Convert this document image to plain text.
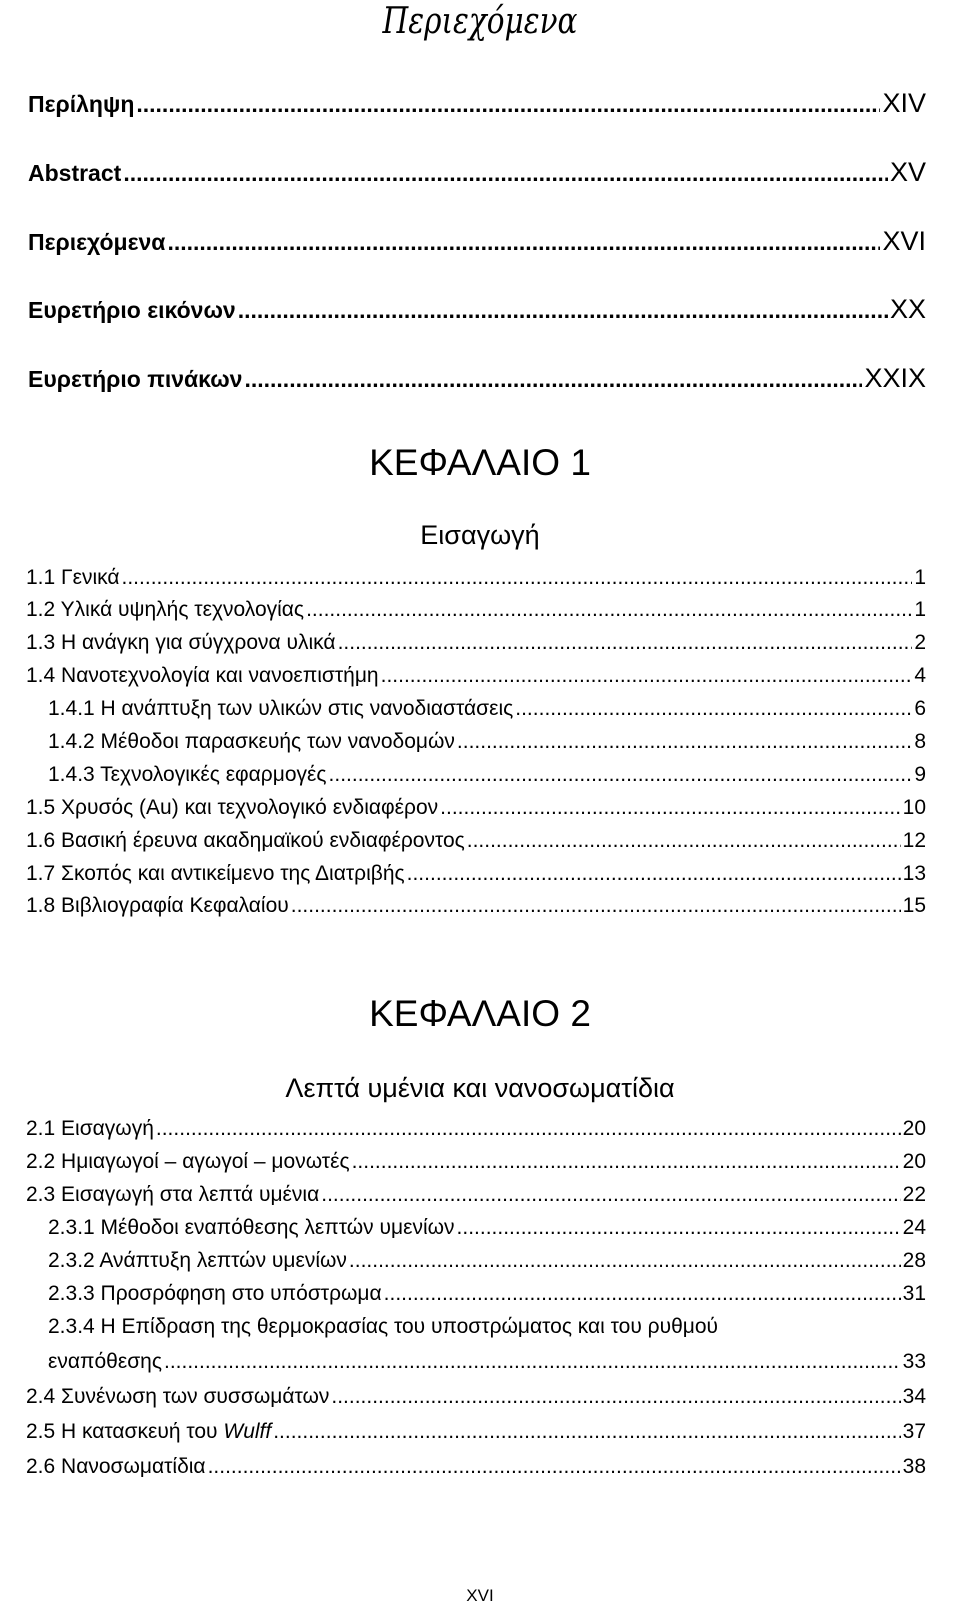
Περιεχόμενα
Περίληψη .....	XIV
Abstract .....	XV
Περιεχόμενα .....	XVI
Ευρετήριο εικόνων .....	XX
Ευρετήριο πινάκων .....	XXIX
ΚΕΦΑΛΑΙΟ 1
Εισαγωγή
1.1 Γενικά .....	1
1.2 Υλικά υψηλής τεχνολογίας .....	1
1.3 Η ανάγκη για σύγχρονα υλικά .....	2
1.4 Νανοτεχνολογία και νανοεπιστήμη .....	4
1.4.1 Η ανάπτυξη των υλικών στις νανοδιαστάσεις .....	6
1.4.2 Μέθοδοι παρασκευής των νανοδομών .....	8
1.4.3 Τεχνολογικές εφαρμογές .....	9
1.5 Χρυσός (Au) και τεχνολογικό ενδιαφέρον .....	10
1.6 Βασική έρευνα ακαδημαϊκού ενδιαφέροντος .....	12
1.7 Σκοπός και αντικείμενο της Διατριβής .....	13
1.8 Βιβλιογραφία Κεφαλαίου .....	15
ΚΕΦΑΛΑΙΟ 2
Λεπτά υμένια και νανοσωματίδια
2.1 Εισαγωγή .....	20
2.2 Ημιαγωγοί – αγωγοί – μονωτές .....	20
2.3 Εισαγωγή στα λεπτά υμένια .....	22
2.3.1 Μέθοδοι εναπόθεσης λεπτών υμενίων .....	24
2.3.2 Ανάπτυξη λεπτών υμενίων .....	28
2.3.3 Προσρόφηση στο υπόστρωμα .....	31
2.3.4 Η Επίδραση της θερμοκρασίας του υποστρώματος και του ρυθμού
εναπόθεσης .....	33
2.4 Συνένωση των συσσωμάτων .....	34
2.5 Η κατασκευή του Wulff .....	37
2.6 Νανοσωματίδια .....	38
XVI
